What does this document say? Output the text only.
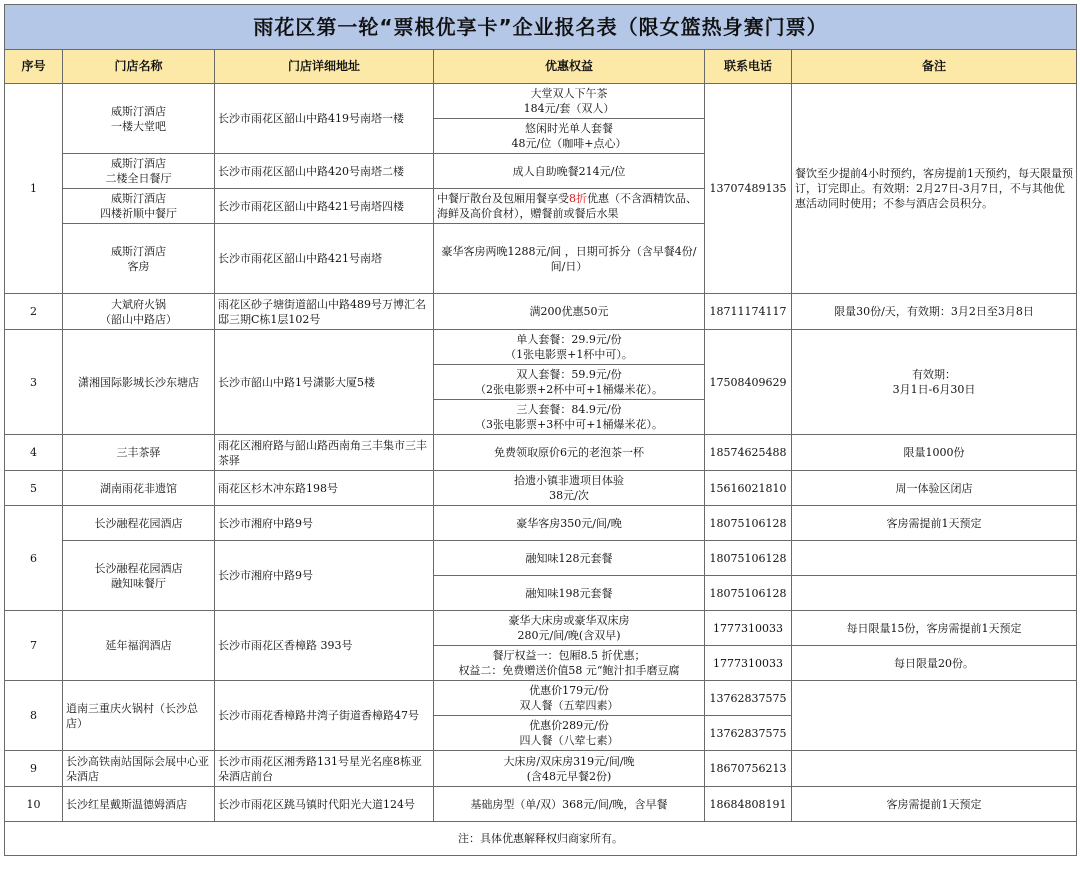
雨花区第一轮“票根优享卡”企业报名表（限女篮热身赛门票）					
序号	门店名称	门店详细地址	优惠权益	联系电话	备注
1	威斯汀酒店
一楼大堂吧	长沙市雨花区韶山中路419号南塔一楼	大堂双人下午茶
184元/套（双人）	13707489135	餐饮至少提前4小时预约，客房提前1天预约，每天限量预订，订完即止。有效期：2月27日-3月7日，不与其他优惠活动同时使用；不参与酒店会员积分。
			悠闲时光单人套餐
48元/位（咖啡+点心）		
	威斯汀酒店
二楼全日餐厅	长沙市雨花区韶山中路420号南塔二楼	成人自助晚餐214元/位		
	威斯汀酒店
四楼祈顺中餐厅	长沙市雨花区韶山中路421号南塔四楼	中餐厅散台及包厢用餐享受8折优惠（不含酒精饮品、海鲜及高价食材），赠餐前或餐后水果		
	威斯汀酒店
客房	长沙市雨花区韶山中路421号南塔	豪华客房两晚1288元/间 ，日期可拆分（含早餐4份/间/日）		
2	大斌府火锅
（韶山中路店）	雨花区砂子塘街道韶山中路489号万博汇名邸三期C栋1层102号	满200优惠50元	18711174117	限量30份/天，有效期：3月2日至3月8日
3	潇湘国际影城长沙东塘店	长沙市韶山中路1号潇影大厦5楼	单人套餐：29.9元/份
（1张电影票+1杯中可）。	17508409629	有效期：
3月1日-6月30日
			双人套餐：59.9元/份
（2张电影票+2杯中可+1桶爆米花）。		
			三人套餐：84.9元/份
（3张电影票+3杯中可+1桶爆米花）。		
4	三丰茶驿	雨花区湘府路与韶山路西南角三丰集市三丰茶驿	免费领取原价6元的老泡茶一杯	18574625488	限量1000份
5	湖南雨花非遗馆	雨花区杉木冲东路198号	拾遗小镇非遗项目体验
38元/次	15616021810	周一体验区闭店
6	长沙融程花园酒店	长沙市湘府中路9号	豪华客房350元/间/晚	18075106128	客房需提前1天预定
	长沙融程花园酒店
融知味餐厅	长沙市湘府中路9号	融知味128元套餐	18075106128	
			融知味198元套餐	18075106128	
7	延年福润酒店	长沙市雨花区香樟路 393号	豪华大床房或豪华双床房
280元/间/晚(含双早)	1777310033	每日限量15份，客房需提前1天预定
			餐厅权益一：包厢8.5 折优惠；
权益二：免费赠送价值58 元“鲍汁扣手磨豆腐	1777310033	每日限量20份。
8	逍南三重庆火锅村（长沙总店）	长沙市雨花香樟路井湾子街道香樟路47号	优惠价179元/份
双人餐（五荤四素）	13762837575	
			优惠价289元/份
四人餐（八荤七素）	13762837575	
9	长沙高铁南站国际会展中心亚朵酒店	长沙市雨花区湘秀路131号星光名座8栋亚朵酒店前台	大床房/双床房319元/间/晚
(含48元早餐2份)	18670756213	
10	长沙红星戴斯温德姆酒店	长沙市雨花区跳马镇时代阳光大道124号	基础房型（单/双）368元/间/晚，含早餐	18684808191	客房需提前1天预定
注：具体优惠解释权归商家所有。					
